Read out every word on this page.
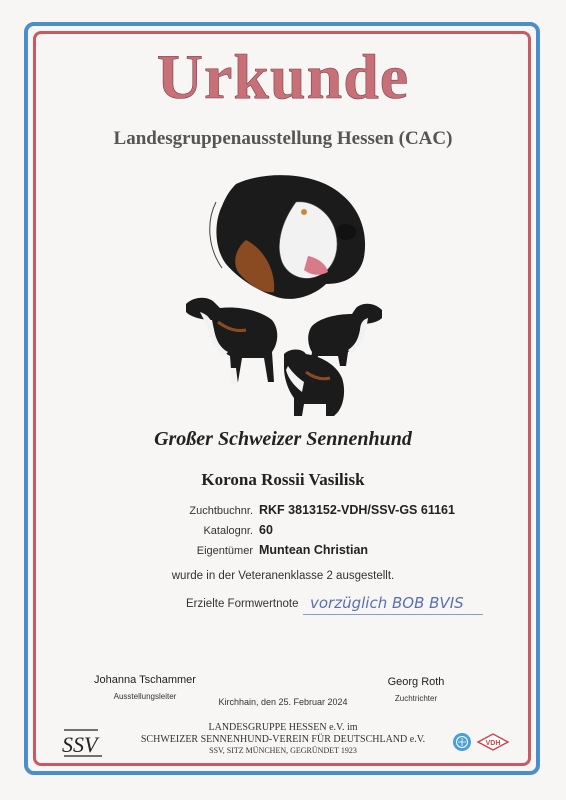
Urkunde
Landesgruppenausstellung Hessen (CAC)
Großer Schweizer Sennenhund
Korona Rossii Vasilisk
Zuchtbuchnr. RKF 3813152-VDH/SSV-GS 61161
Katalognr. 60
Eigentümer Muntean Christian
wurde in der Veteranenklasse 2 ausgestellt.
Erzielte Formwertnote vorzüglich BOB BVIS
Johanna Tschammer
Ausstellungsleiter
Georg Roth
Zuchtrichter
Kirchhain, den 25. Februar 2024
LANDESGRUPPE HESSEN e.V. im
SCHWEIZER SENNENHUND-VEREIN FÜR DEUTSCHLAND e.V.
SSV, SITZ MÜNCHEN, GEGRÜNDET 1923
SSV	VDH
